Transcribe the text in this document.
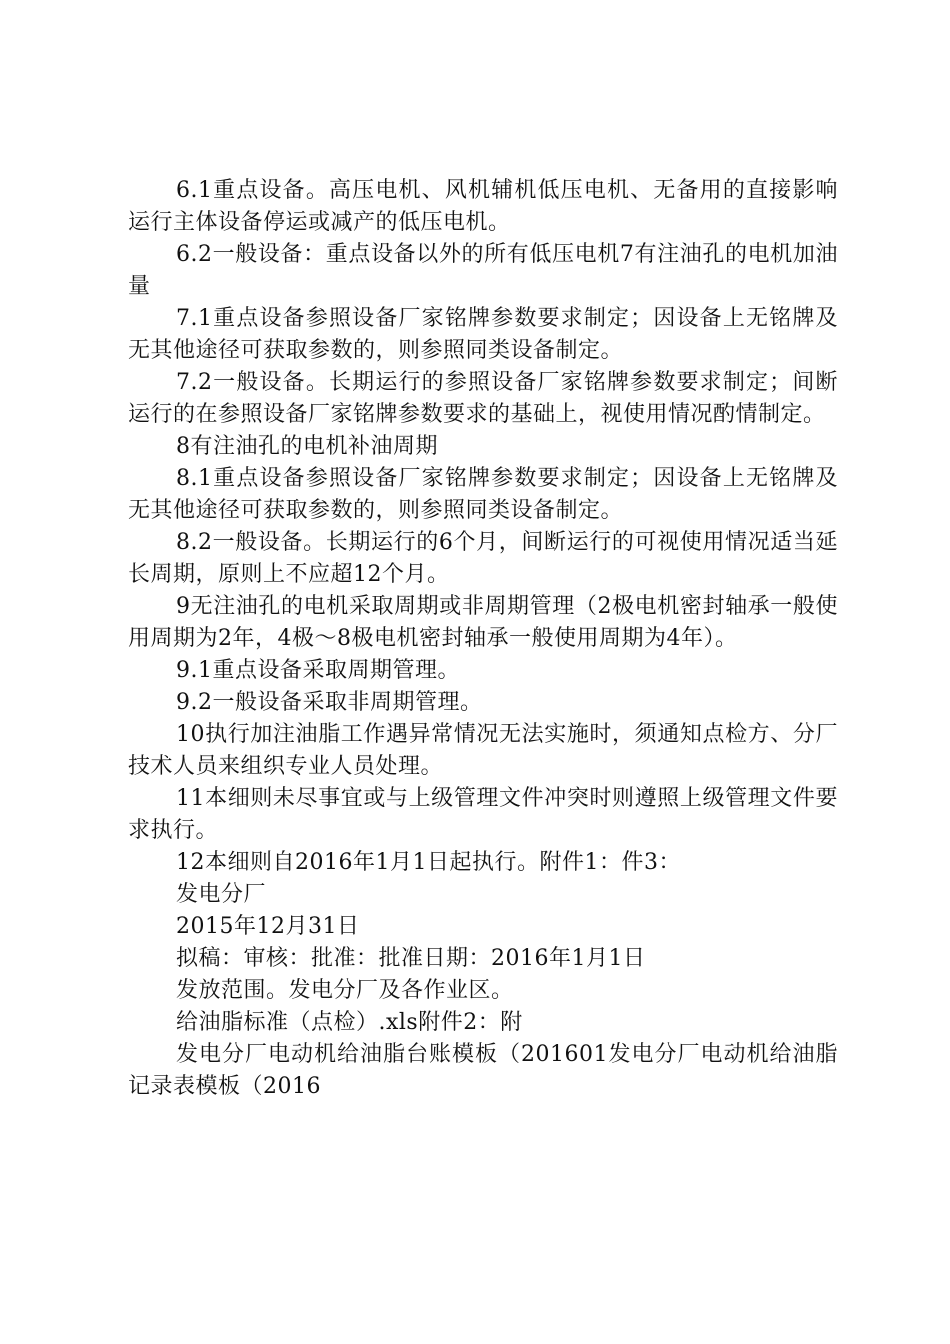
6.1重点设备。高压电机、风机辅机低压电机、无备用的直接影响运行主体设备停运或减产的低压电机。

6.2一般设备：重点设备以外的所有低压电机7有注油孔的电机加油量

7.1重点设备参照设备厂家铭牌参数要求制定；因设备上无铭牌及无其他途径可获取参数的，则参照同类设备制定。

7.2一般设备。长期运行的参照设备厂家铭牌参数要求制定；间断运行的在参照设备厂家铭牌参数要求的基础上，视使用情况酌情制定。

8有注油孔的电机补油周期

8.1重点设备参照设备厂家铭牌参数要求制定；因设备上无铭牌及无其他途径可获取参数的，则参照同类设备制定。

8.2一般设备。长期运行的6个月，间断运行的可视使用情况适当延长周期，原则上不应超12个月。

9无注油孔的电机采取周期或非周期管理（2极电机密封轴承一般使用周期为2年，4极～8极电机密封轴承一般使用周期为4年）。

9.1重点设备采取周期管理。

9.2一般设备采取非周期管理。

10执行加注油脂工作遇异常情况无法实施时，须通知点检方、分厂技术人员来组织专业人员处理。

11本细则未尽事宜或与上级管理文件冲突时则遵照上级管理文件要求执行。

12本细则自2016年1月1日起执行。附件1：件3：

发电分厂

2015年12月31日

拟稿：审核：批准：批准日期：2016年1月1日

发放范围。发电分厂及各作业区。

给油脂标准（点检）.xls附件2：附

发电分厂电动机给油脂台账模板（201601发电分厂电动机给油脂记录表模板（2016
